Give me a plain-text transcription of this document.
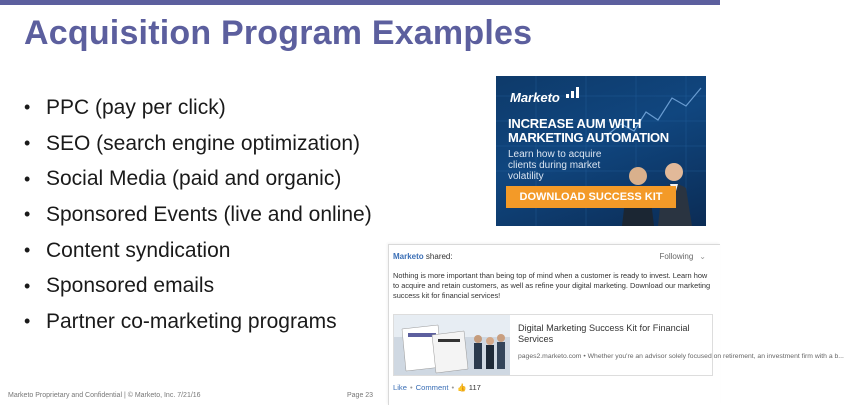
Acquisition Program Examples
• PPC (pay per click)
• SEO (search engine optimization)
• Social Media (paid and organic)
• Sponsored Events (live and online)
• Content syndication
• Sponsored emails
• Partner co-marketing programs
Marketo
INCREASE AUM WITH
MARKETING AUTOMATION
Learn how to acquire clients during market volatility
DOWNLOAD SUCCESS KIT
Marketo shared:	Following ⌄
Nothing is more important than being top of mind when a customer is ready to invest. Learn how to acquire and retain customers, as well as refine your digital marketing. Download our marketing success kit for financial services!
Digital Marketing Success Kit for Financial Services
pages2.marketo.com • Whether you're an advisor solely focused on retirement, an investment firm with a b...
Like • Comment • 👍 117
Marketo Proprietary and Confidential | © Marketo, Inc. 7/21/16	Page 23
